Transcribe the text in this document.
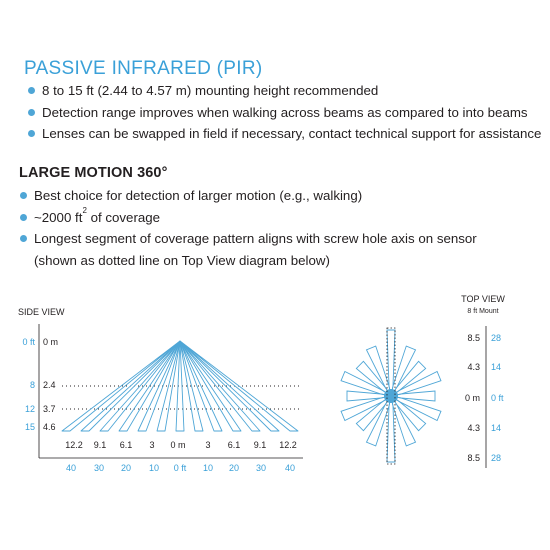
PASSIVE INFRARED (PIR)
8 to 15 ft (2.44 to 4.57 m) mounting height recommended
Detection range improves when walking across beams as compared to into beams
Lenses can be swapped in field if necessary, contact technical support for assistance
LARGE MOTION 360°
Best choice for detection of larger motion (e.g., walking)
~2000 $ft^2$ of coverage
Longest segment of coverage pattern aligns with screw hole axis on sensor
(shown as dotted line on Top View diagram below)
SIDE VIEW
0 ft
8
12
15
0 m
2.4
3.7
4.6
12.2 9.1 6.1 3 0 m 3 6.1 9.1 12.2
40 30 20 10 0 ft 10 20 30 40
TOP VIEW
8 ft Mount
8.5
4.3
0 m
4.3
8.5
28
14
0 ft
14
28
